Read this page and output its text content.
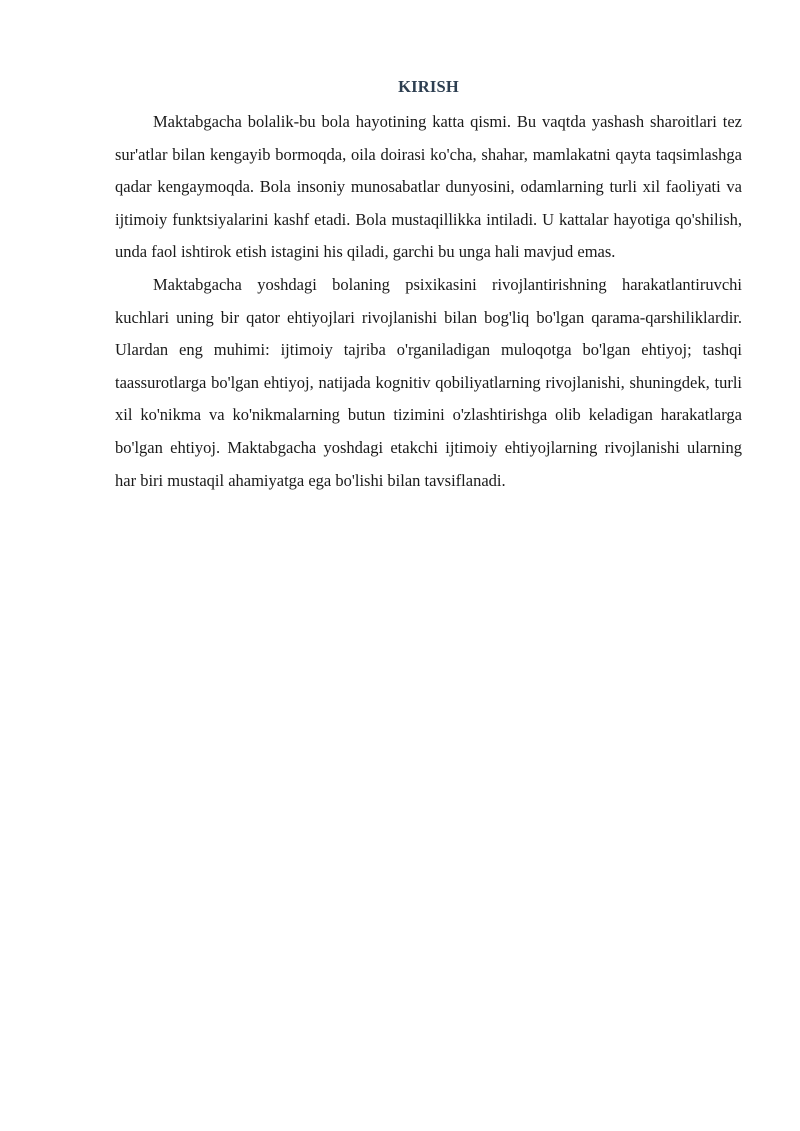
KIRISH

Maktabgacha bolalik-bu bola hayotining katta qismi. Bu vaqtda yashash sharoitlari tez sur'atlar bilan kengayib bormoqda, oila doirasi ko'cha, shahar, mamlakatni qayta taqsimlashga qadar kengaymoqda. Bola insoniy munosabatlar dunyosini, odamlarning turli xil faoliyati va ijtimoiy funktsiyalarini kashf etadi. Bola mustaqillikka intiladi. U kattalar hayotiga qo'shilish, unda faol ishtirok etish istagini his qiladi, garchi bu unga hali mavjud emas.

Maktabgacha yoshdagi bolaning psixikasini rivojlantirishning harakatlantiruvchi kuchlari uning bir qator ehtiyojlari rivojlanishi bilan bog'liq bo'lgan qarama-qarshiliklardir. Ulardan eng muhimi: ijtimoiy tajriba o'rganiladigan muloqotga bo'lgan ehtiyoj; tashqi taassurotlarga bo'lgan ehtiyoj, natijada kognitiv qobiliyatlarning rivojlanishi, shuningdek, turli xil ko'nikma va ko'nikmalarning butun tizimini o'zlashtirishga olib keladigan harakatlarga bo'lgan ehtiyoj. Maktabgacha yoshdagi etakchi ijtimoiy ehtiyojlarning rivojlanishi ularning har biri mustaqil ahamiyatga ega bo'lishi bilan tavsiflanadi.
